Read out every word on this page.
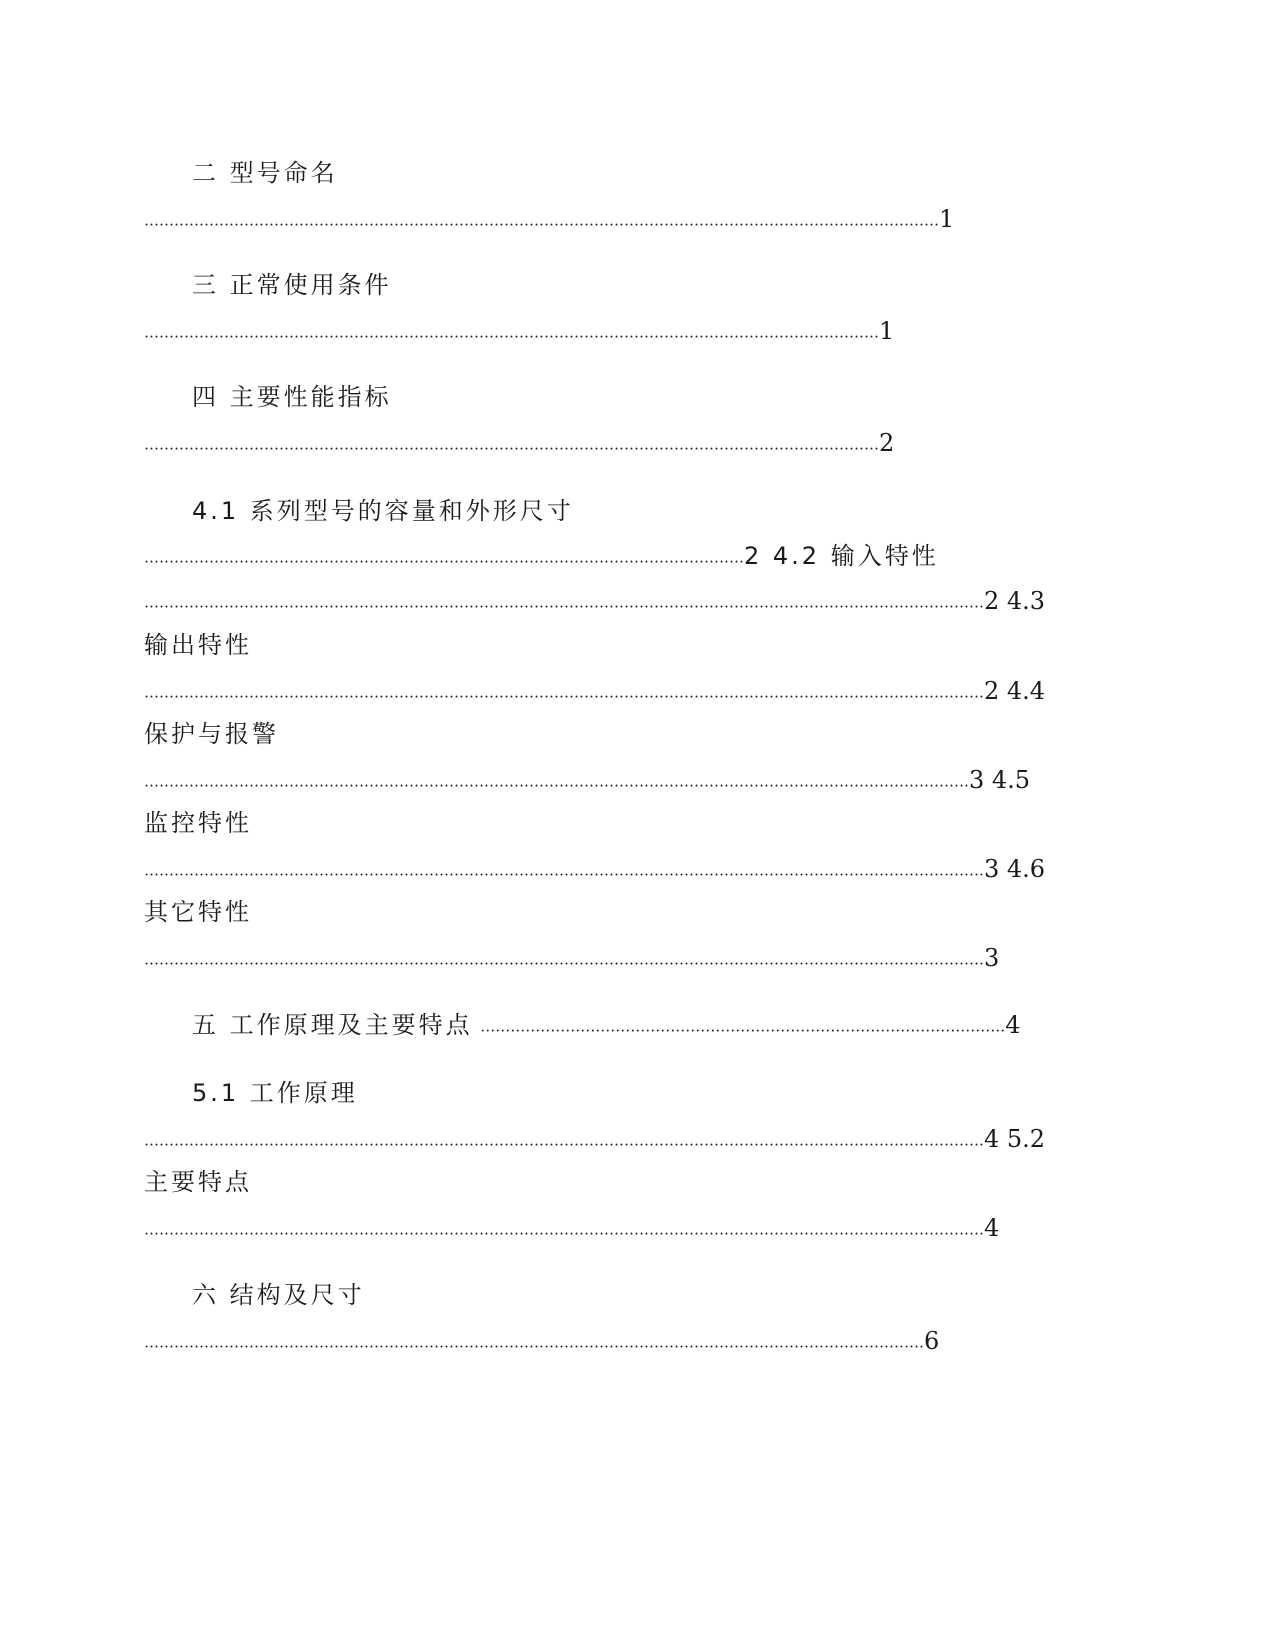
二 型号命名
……………………………………………………………………………………………………………………………………………1
三 正常使用条件
…………………………………………………………………………………………………………………………………1
四 主要性能指标
…………………………………………………………………………………………………………………………………2
4.1 系列型号的容量和外形尺寸
…………………………………………………………………………………………………………2 4.2 输入特性
……………………………………………………………………………………………………………………………………………………2 4.3
输出特性
……………………………………………………………………………………………………………………………………………………2 4.4
保护与报警
…………………………………………………………………………………………………………………………………………………3 4.5
监控特性
……………………………………………………………………………………………………………………………………………………3 4.6
其它特性
……………………………………………………………………………………………………………………………………………………3
五 工作原理及主要特点 ……………………………………………………………………………………………4
5.1 工作原理
……………………………………………………………………………………………………………………………………………………4 5.2
主要特点
……………………………………………………………………………………………………………………………………………………4
六 结构及尺寸
…………………………………………………………………………………………………………………………………………6
